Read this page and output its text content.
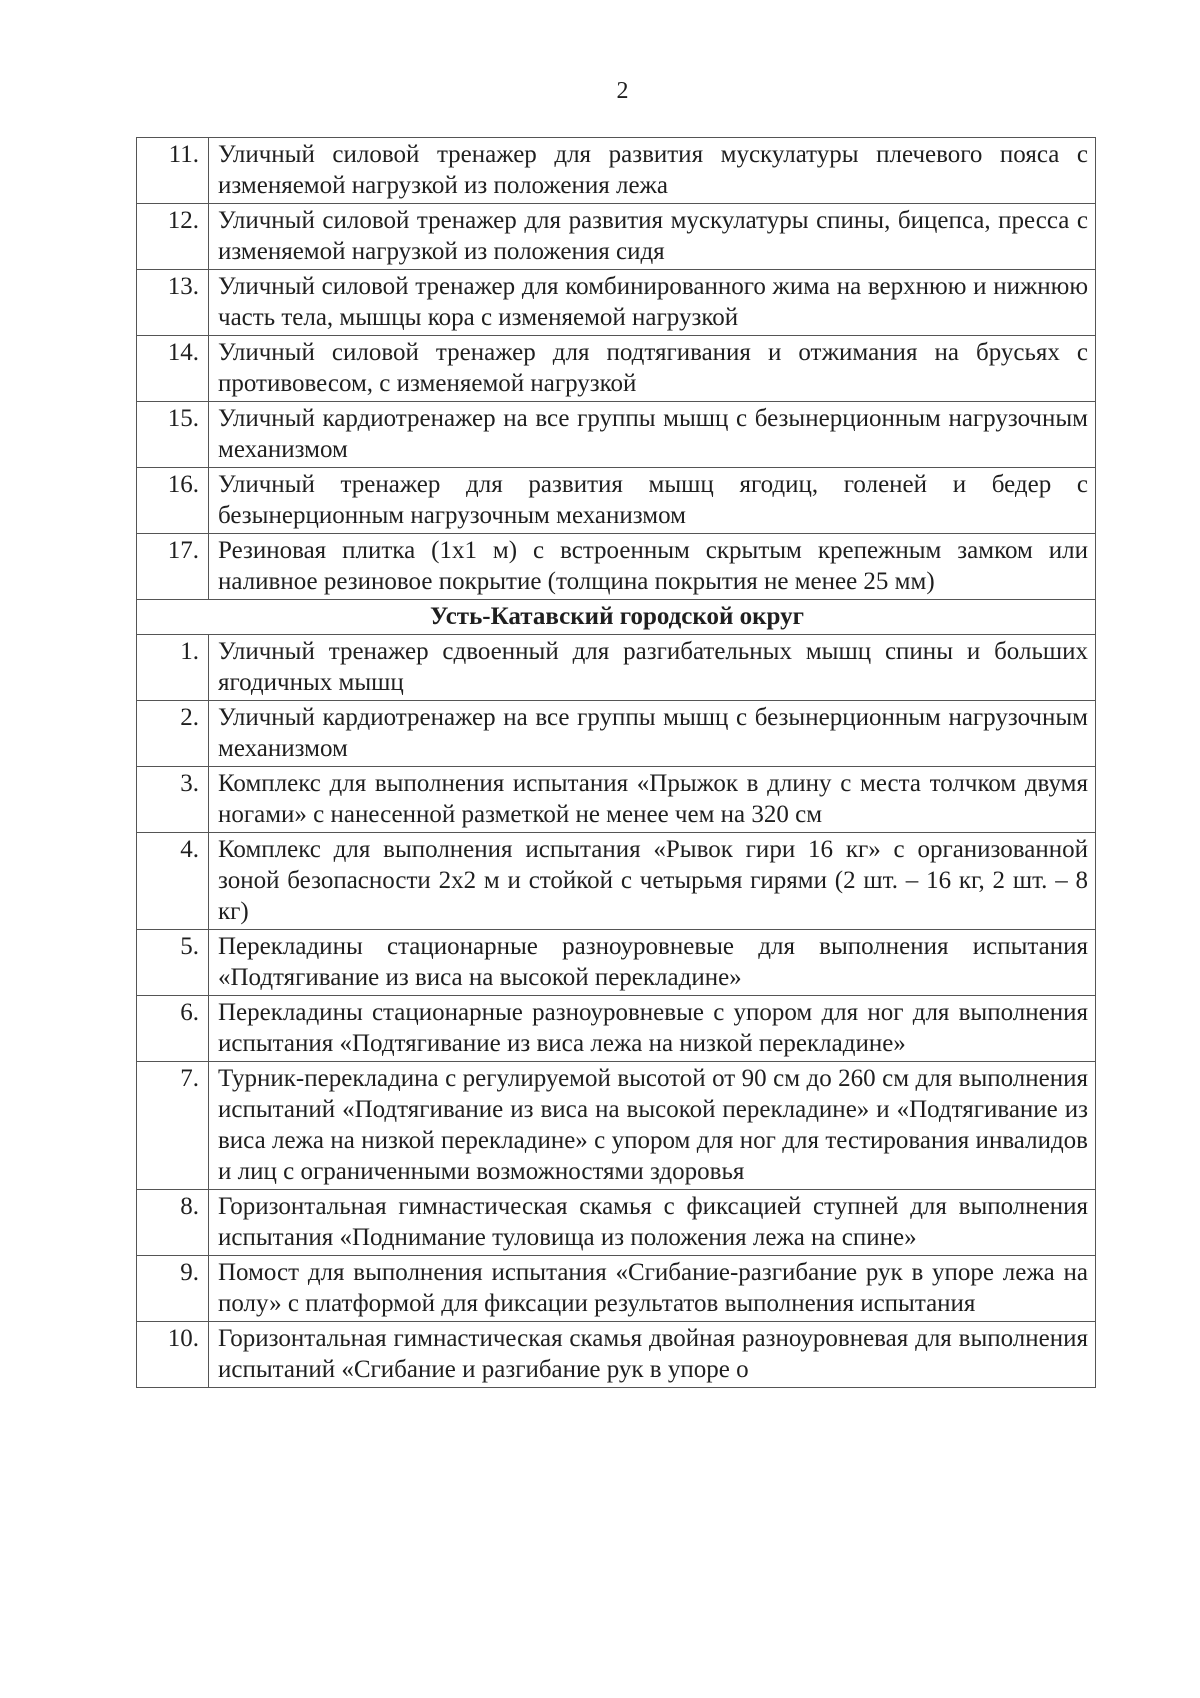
2
11.	Уличный силовой тренажер для развития мускулатуры плечевого пояса с изменяемой нагрузкой из положения лежа
12.	Уличный силовой тренажер для развития мускулатуры спины, бицепса, пресса с изменяемой нагрузкой из положения сидя
13.	Уличный силовой тренажер для комбинированного жима на верхнюю и нижнюю часть тела, мышцы кора с изменяемой нагрузкой
14.	Уличный силовой тренажер для подтягивания и отжимания на брусьях с противовесом, с изменяемой нагрузкой
15.	Уличный кардиотренажер на все группы мышц с безынерционным нагрузочным механизмом
16.	Уличный тренажер для развития мышц ягодиц, голеней и бедер с безынерционным нагрузочным механизмом
17.	Резиновая плитка (1х1 м) с встроенным скрытым крепежным замком или наливное резиновое покрытие (толщина покрытия не менее 25 мм)
Усть-Катавский городской округ	
1.	Уличный тренажер сдвоенный для разгибательных мышц спины и больших ягодичных мышц
2.	Уличный кардиотренажер на все группы мышц с безынерционным нагрузочным механизмом
3.	Комплекс для выполнения испытания «Прыжок в длину с места толчком двумя ногами» с нанесенной разметкой не менее чем на 320 см
4.	Комплекс для выполнения испытания «Рывок гири 16 кг» с организованной зоной безопасности 2х2 м и стойкой с четырьмя гирями (2 шт. – 16 кг, 2 шт. – 8 кг)
5.	Перекладины стационарные разноуровневые для выполнения испытания «Подтягивание из виса на высокой перекладине»
6.	Перекладины стационарные разноуровневые с упором для ног для выполнения испытания «Подтягивание из виса лежа на низкой перекладине»
7.	Турник-перекладина с регулируемой высотой от 90 см до 260 см для выполнения испытаний «Подтягивание из виса на высокой перекладине» и «Подтягивание из виса лежа на низкой перекладине» с упором для ног для тестирования инвалидов и лиц с ограниченными возможностями здоровья
8.	Горизонтальная гимнастическая скамья с фиксацией ступней для выполнения испытания «Поднимание туловища из положения лежа на спине»
9.	Помост для выполнения испытания «Сгибание-разгибание рук в упоре лежа на полу» с платформой для фиксации результатов выполнения испытания
10.	Горизонтальная гимнастическая скамья двойная разноуровневая для выполнения испытаний «Сгибание и разгибание рук в упоре о
